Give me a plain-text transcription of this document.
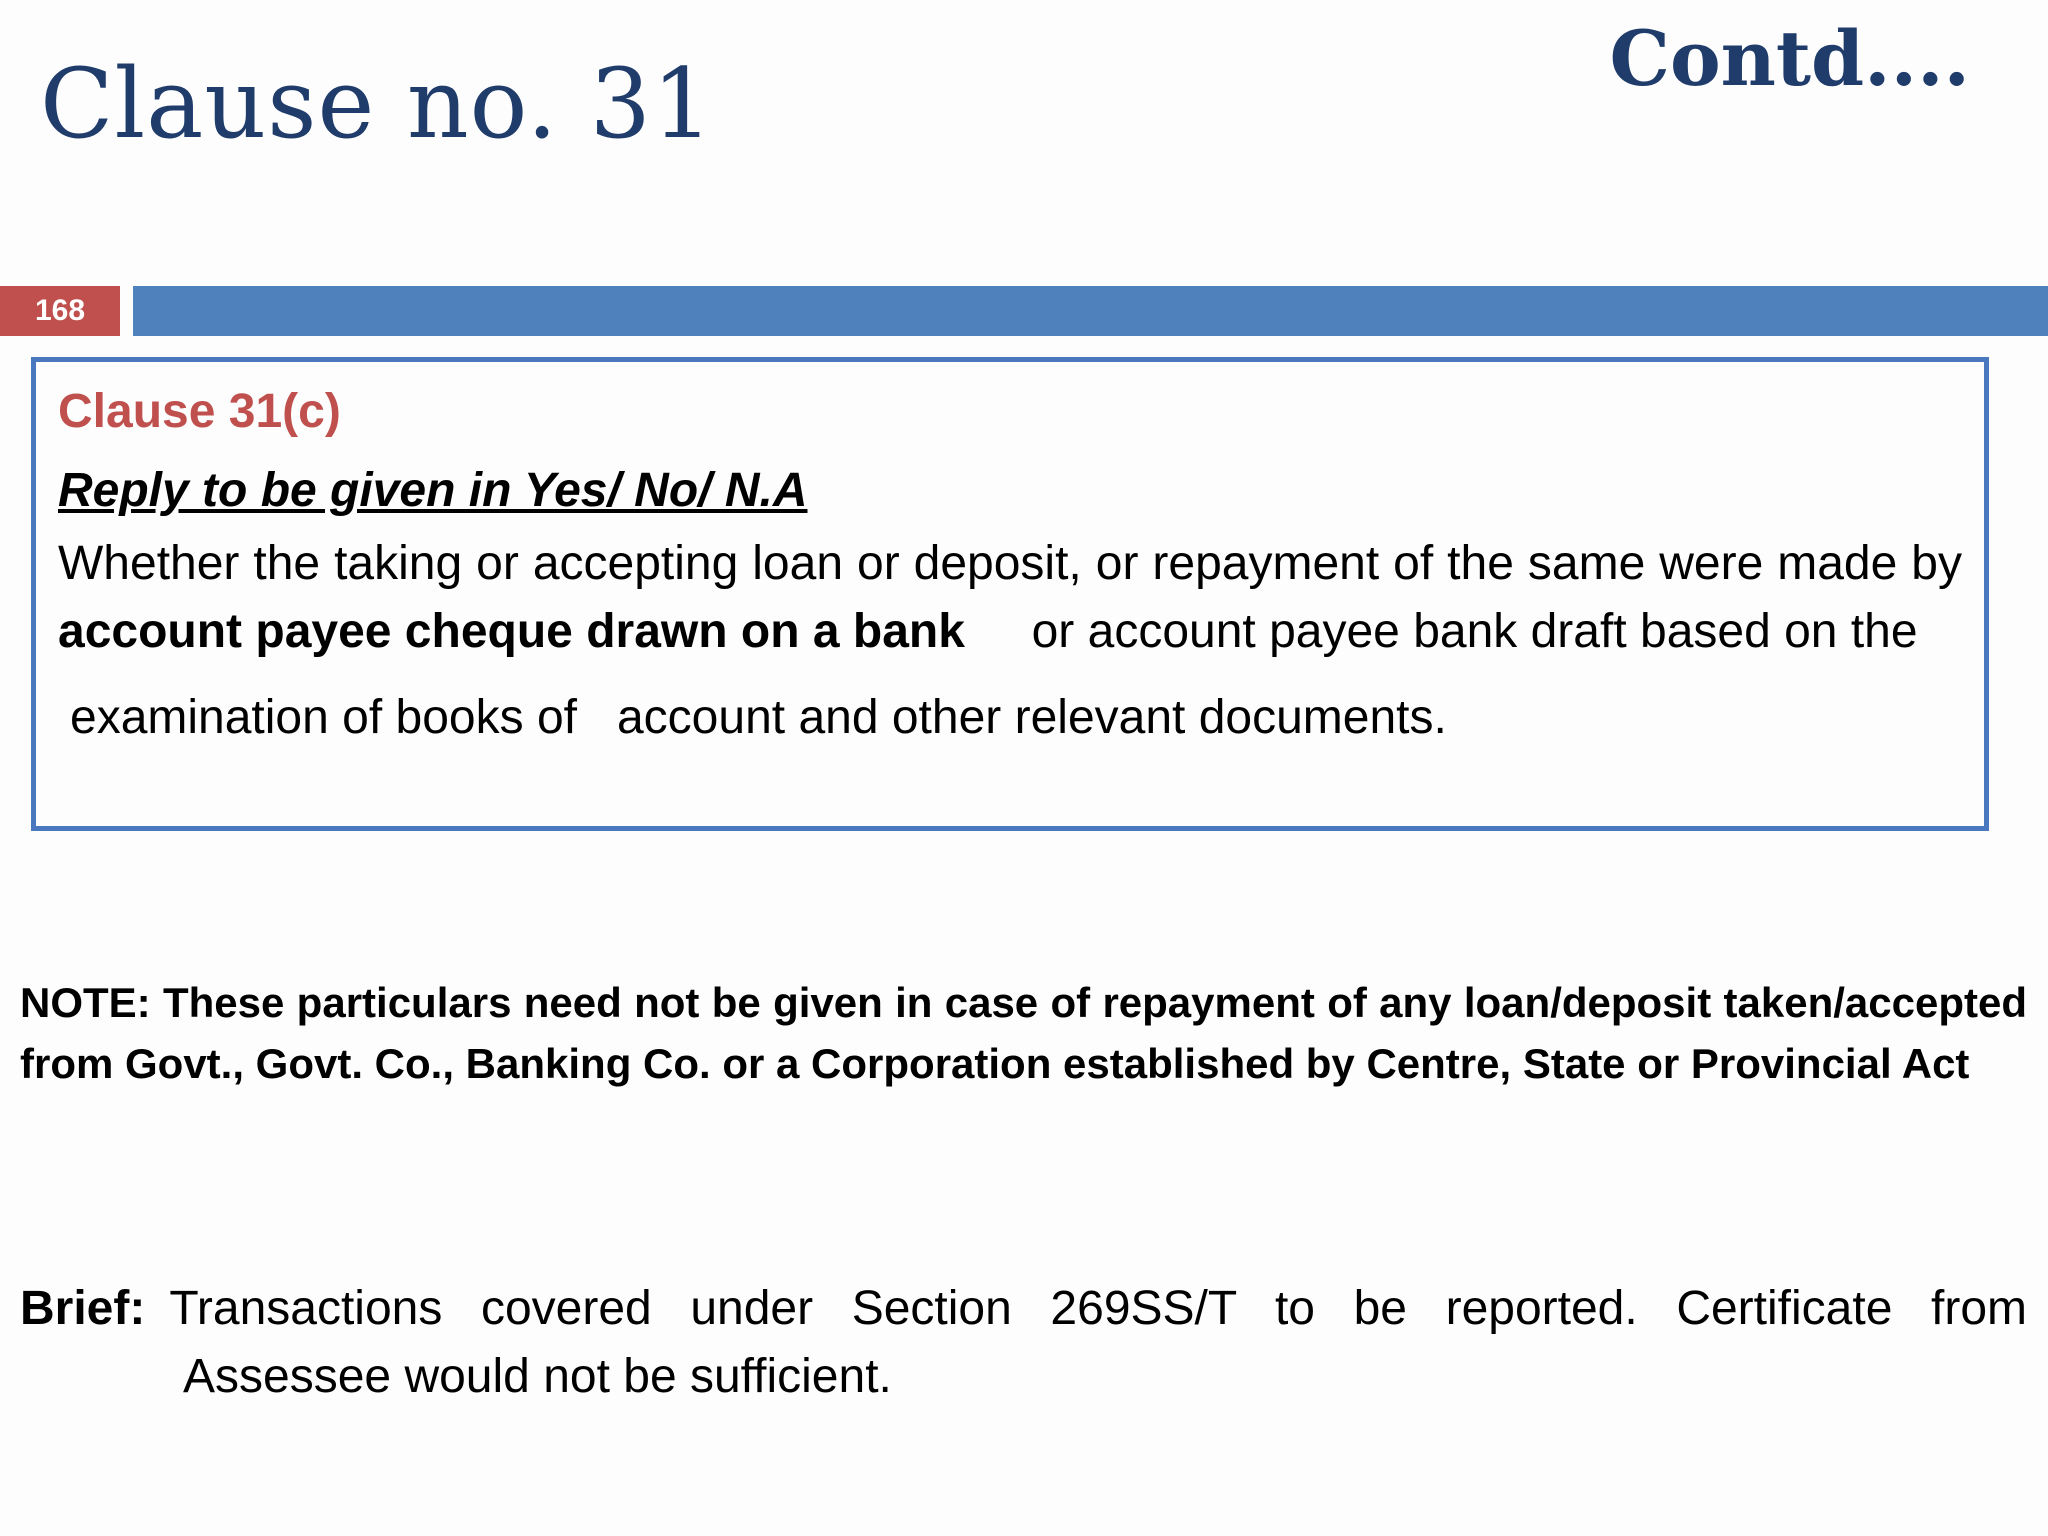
Clause no. 31	Contd....
168
Clause 31(c)
Reply to be given in Yes/ No/ N.A
Whether the taking or accepting loan or deposit, or repayment of the same were made by account payee cheque drawn on a bank     or account payee bank draft based on the
examination of books of   account and other relevant documents.
NOTE: These particulars need not be given in case of repayment of any loan/deposit taken/accepted from Govt., Govt. Co., Banking Co. or a Corporation established by Centre, State or Provincial Act
Brief: Transactions covered under Section 269SS/T to be reported. Certificate from
Assessee would not be sufficient.
